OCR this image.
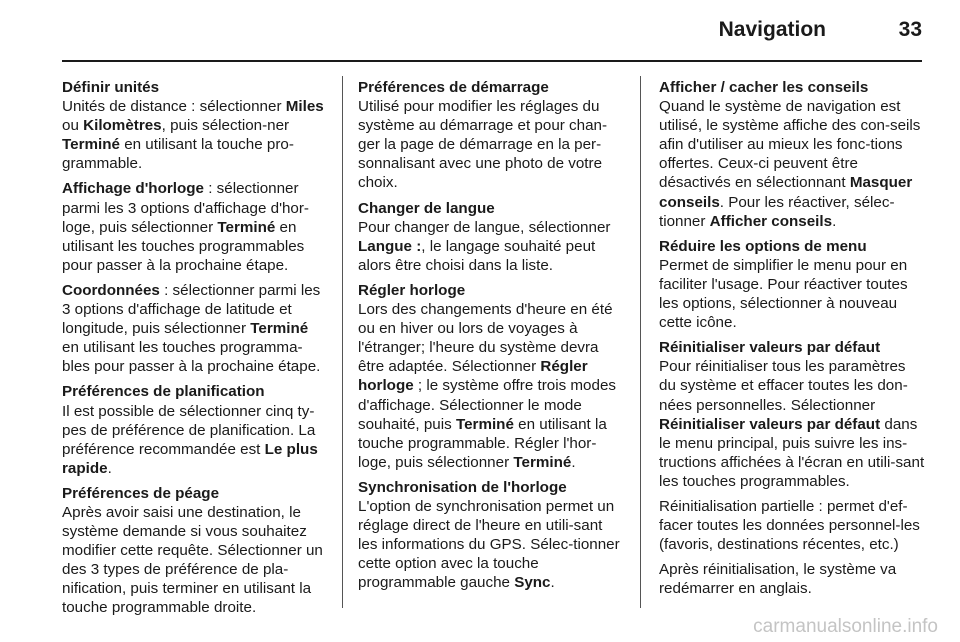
Navigation	33
Définir unités
Unités de distance : sélectionner Miles ou Kilomètres, puis sélection-ner Terminé en utilisant la touche pro-grammable.
Affichage d'horloge : sélectionner parmi les 3 options d'affichage d'hor-loge, puis sélectionner Terminé en utilisant les touches programmables pour passer à la prochaine étape.
Coordonnées : sélectionner parmi les 3 options d'affichage de latitude et longitude, puis sélectionner Terminé en utilisant les touches programma-bles pour passer à la prochaine étape.
Préférences de planification
Il est possible de sélectionner cinq ty-pes de préférence de planification. La préférence recommandée est Le plus rapide.
Préférences de péage
Après avoir saisi une destination, le système demande si vous souhaitez modifier cette requête. Sélectionner un des 3 types de préférence de pla-nification, puis terminer en utilisant la touche programmable droite.
Préférences de démarrage
Utilisé pour modifier les réglages du système au démarrage et pour chan-ger la page de démarrage en la per-sonnalisant avec une photo de votre choix.
Changer de langue
Pour changer de langue, sélectionner Langue :, le langage souhaité peut alors être choisi dans la liste.
Régler horloge
Lors des changements d'heure en été ou en hiver ou lors de voyages à l'étranger; l'heure du système devra être adaptée. Sélectionner Régler horloge ; le système offre trois modes d'affichage. Sélectionner le mode souhaité, puis Terminé en utilisant la touche programmable. Régler l'hor-loge, puis sélectionner Terminé.
Synchronisation de l'horloge
L'option de synchronisation permet un réglage direct de l'heure en utili-sant les informations du GPS. Sélec-tionner cette option avec la touche programmable gauche Sync.
Afficher / cacher les conseils
Quand le système de navigation est utilisé, le système affiche des con-seils afin d'utiliser au mieux les fonc-tions offertes. Ceux-ci peuvent être désactivés en sélectionnant Masquer conseils. Pour les réactiver, sélec-tionner Afficher conseils.
Réduire les options de menu
Permet de simplifier le menu pour en faciliter l'usage. Pour réactiver toutes les options, sélectionner à nouveau cette icône.
Réinitialiser valeurs par défaut
Pour réinitialiser tous les paramètres du système et effacer toutes les don-nées personnelles. Sélectionner Réinitialiser valeurs par défaut dans le menu principal, puis suivre les ins-tructions affichées à l'écran en utili-sant les touches programmables.
Réinitialisation partielle : permet d'ef-facer toutes les données personnel-les (favoris, destinations récentes, etc.)
Après réinitialisation, le système va redémarrer en anglais.
carmanualsonline.info
